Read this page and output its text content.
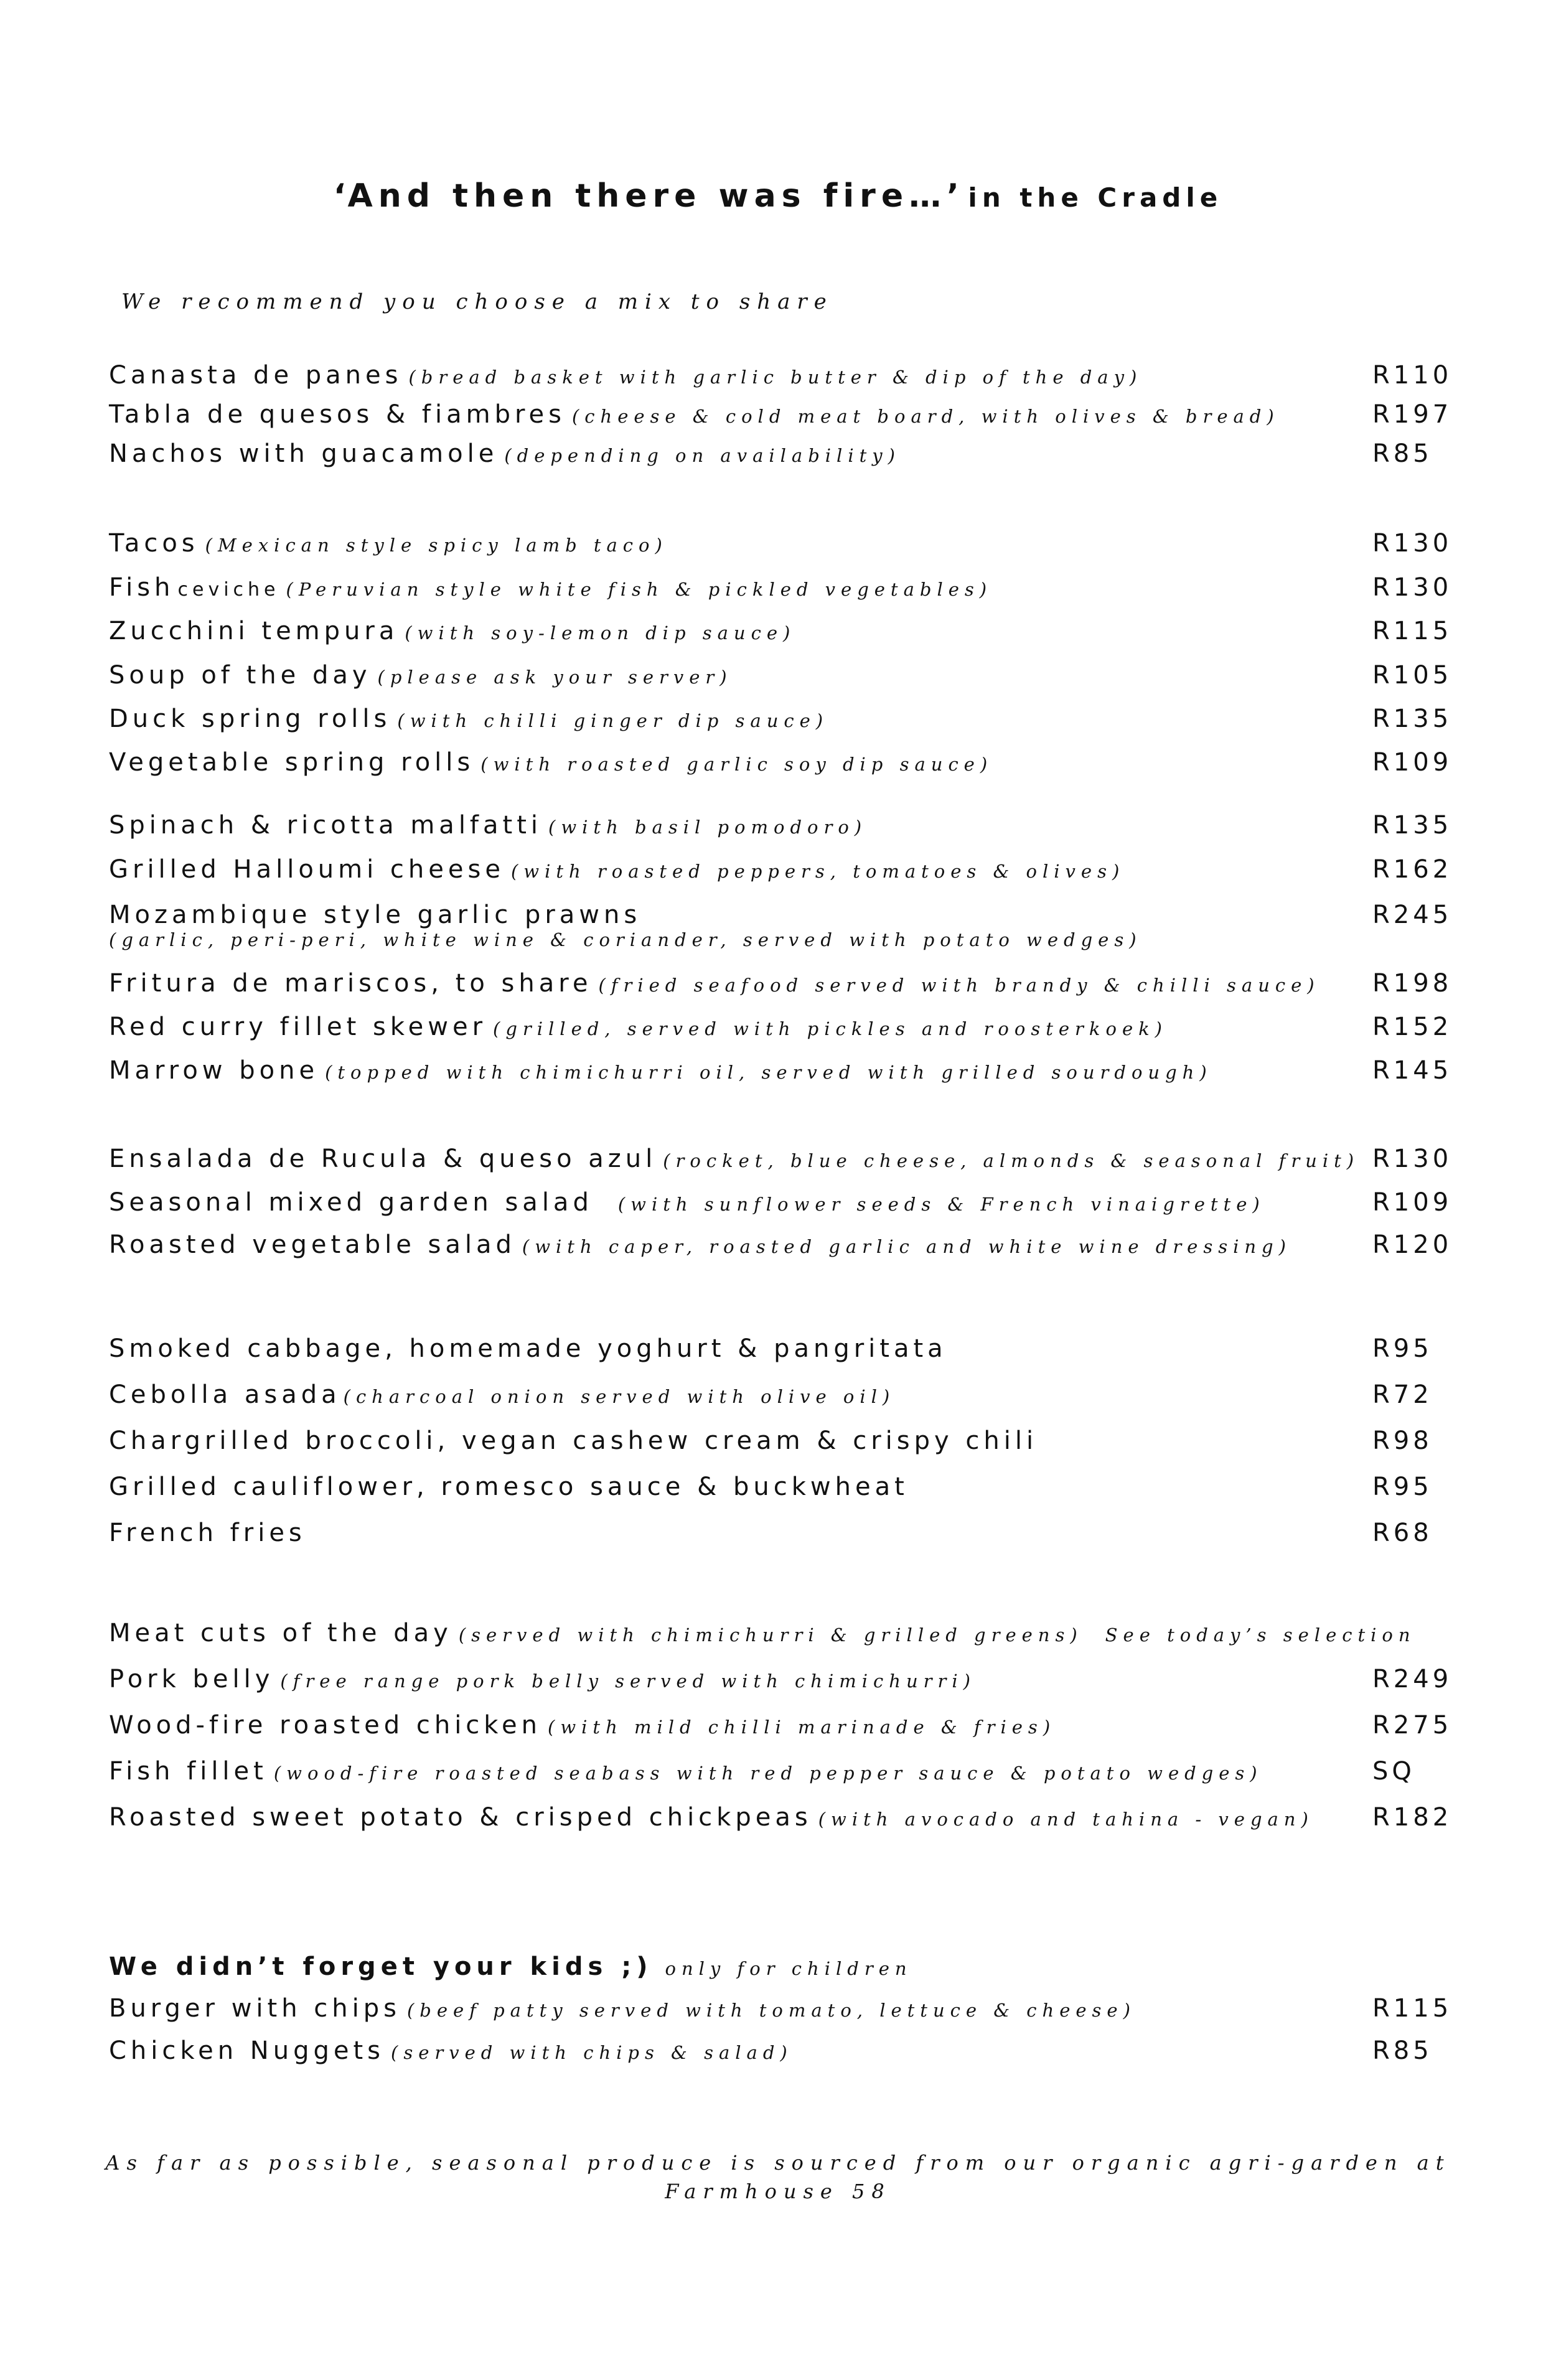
‘And then there was fire…’ in the Cradle
We recommend you choose a mix to share
Canasta de panes (bread basket with garlic butter & dip of the day)	R110
Tabla de quesos & fiambres (cheese & cold meat board, with olives & bread)	R197
Nachos with guacamole (depending on availability)	R85
Tacos (Mexican style spicy lamb taco)	R130
Fish ceviche (Peruvian style white fish & pickled vegetables)	R130
Zucchini tempura (with soy-lemon dip sauce)	R115
Soup of the day (please ask your server)	R105
Duck spring rolls (with chilli ginger dip sauce)	R135
Vegetable spring rolls (with roasted garlic soy dip sauce)	R109
Spinach & ricotta malfatti (with basil pomodoro)	R135
Grilled Halloumi cheese (with roasted peppers, tomatoes & olives)	R162
Mozambique style garlic prawns	R245
(garlic, peri-peri, white wine & coriander, served with potato wedges)
Fritura de mariscos, to share (fried seafood served with brandy & chilli sauce) R198
Red curry fillet skewer (grilled, served with pickles and roosterkoek)	R152
Marrow bone (topped with chimichurri oil, served with grilled sourdough)	R145
Ensalada de Rucula & queso azul (rocket, blue cheese, almonds & seasonal fruit) R130
Seasonal mixed garden salad (with sunflower seeds & French vinaigrette)	R109
Roasted vegetable salad (with caper, roasted garlic and white wine dressing)	R120
Smoked cabbage, homemade yoghurt & pangritata	R95
Cebolla asada (charcoal onion served with olive oil)	R72
Chargrilled broccoli, vegan cashew cream & crispy chili	R98
Grilled cauliflower, romesco sauce & buckwheat	R95
French fries	R68
Meat cuts of the day (served with chimichurri & grilled greens) See today’s selection
Pork belly (free range pork belly served with chimichurri)	R249
Wood-fire roasted chicken (with mild chilli marinade & fries)	R275
Fish fillet (wood-fire roasted seabass with red pepper sauce & potato wedges)	SQ
Roasted sweet potato & crisped chickpeas (with avocado and tahina - vegan) R182
We didn’t forget your kids ;) only for children
Burger with chips (beef patty served with tomato, lettuce & cheese)	R115
Chicken Nuggets (served with chips & salad)	R85
As far as possible, seasonal produce is sourced from our organic agri-garden at
Farmhouse 58
